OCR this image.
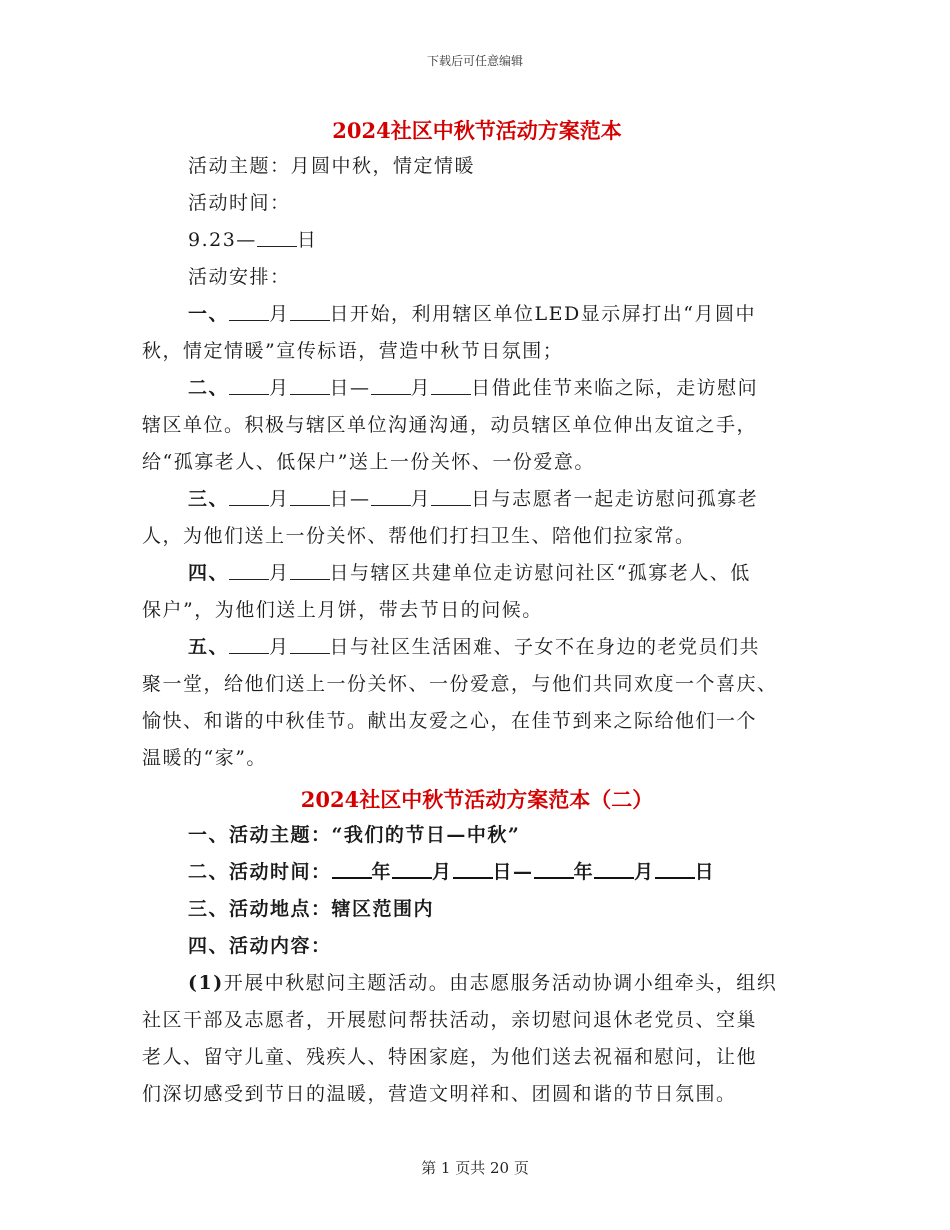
下载后可任意编辑
2024社区中秋节活动方案范本

活动主题：月圆中秋，情定情暖

活动时间：

9.23— 日

活动安排：

一、 月 日开始，利用辖区单位LED显示屏打出“月圆中

秋，情定情暖”宣传标语，营造中秋节日氛围；

二、 月 日— 月 日借此佳节来临之际，走访慰问

辖区单位。积极与辖区单位沟通沟通，动员辖区单位伸出友谊之手，

给“孤寡老人、低保户”送上一份关怀、一份爱意。

三、 月 日— 月 日与志愿者一起走访慰问孤寡老

人，为他们送上一份关怀、帮他们打扫卫生、陪他们拉家常。

四、 月 日与辖区共建单位走访慰问社区“孤寡老人、低

保户”，为他们送上月饼，带去节日的问候。

五、 月 日与社区生活困难、子女不在身边的老党员们共

聚一堂，给他们送上一份关怀、一份爱意，与他们共同欢度一个喜庆、

愉快、和谐的中秋佳节。献出友爱之心，在佳节到来之际给他们一个

温暖的“家”。

2024社区中秋节活动方案范本（二）

一、活动主题：“我们的节日—中秋”

二、活动时间： 年 月 日— 年 月 日

三、活动地点：辖区范围内

四、活动内容：

(1)开展中秋慰问主题活动。由志愿服务活动协调小组牵头，组织

社区干部及志愿者，开展慰问帮扶活动，亲切慰问退休老党员、空巢

老人、留守儿童、残疾人、特困家庭，为他们送去祝福和慰问，让他

们深切感受到节日的温暖，营造文明祥和、团圆和谐的节日氛围。

第 1 页共 20 页
